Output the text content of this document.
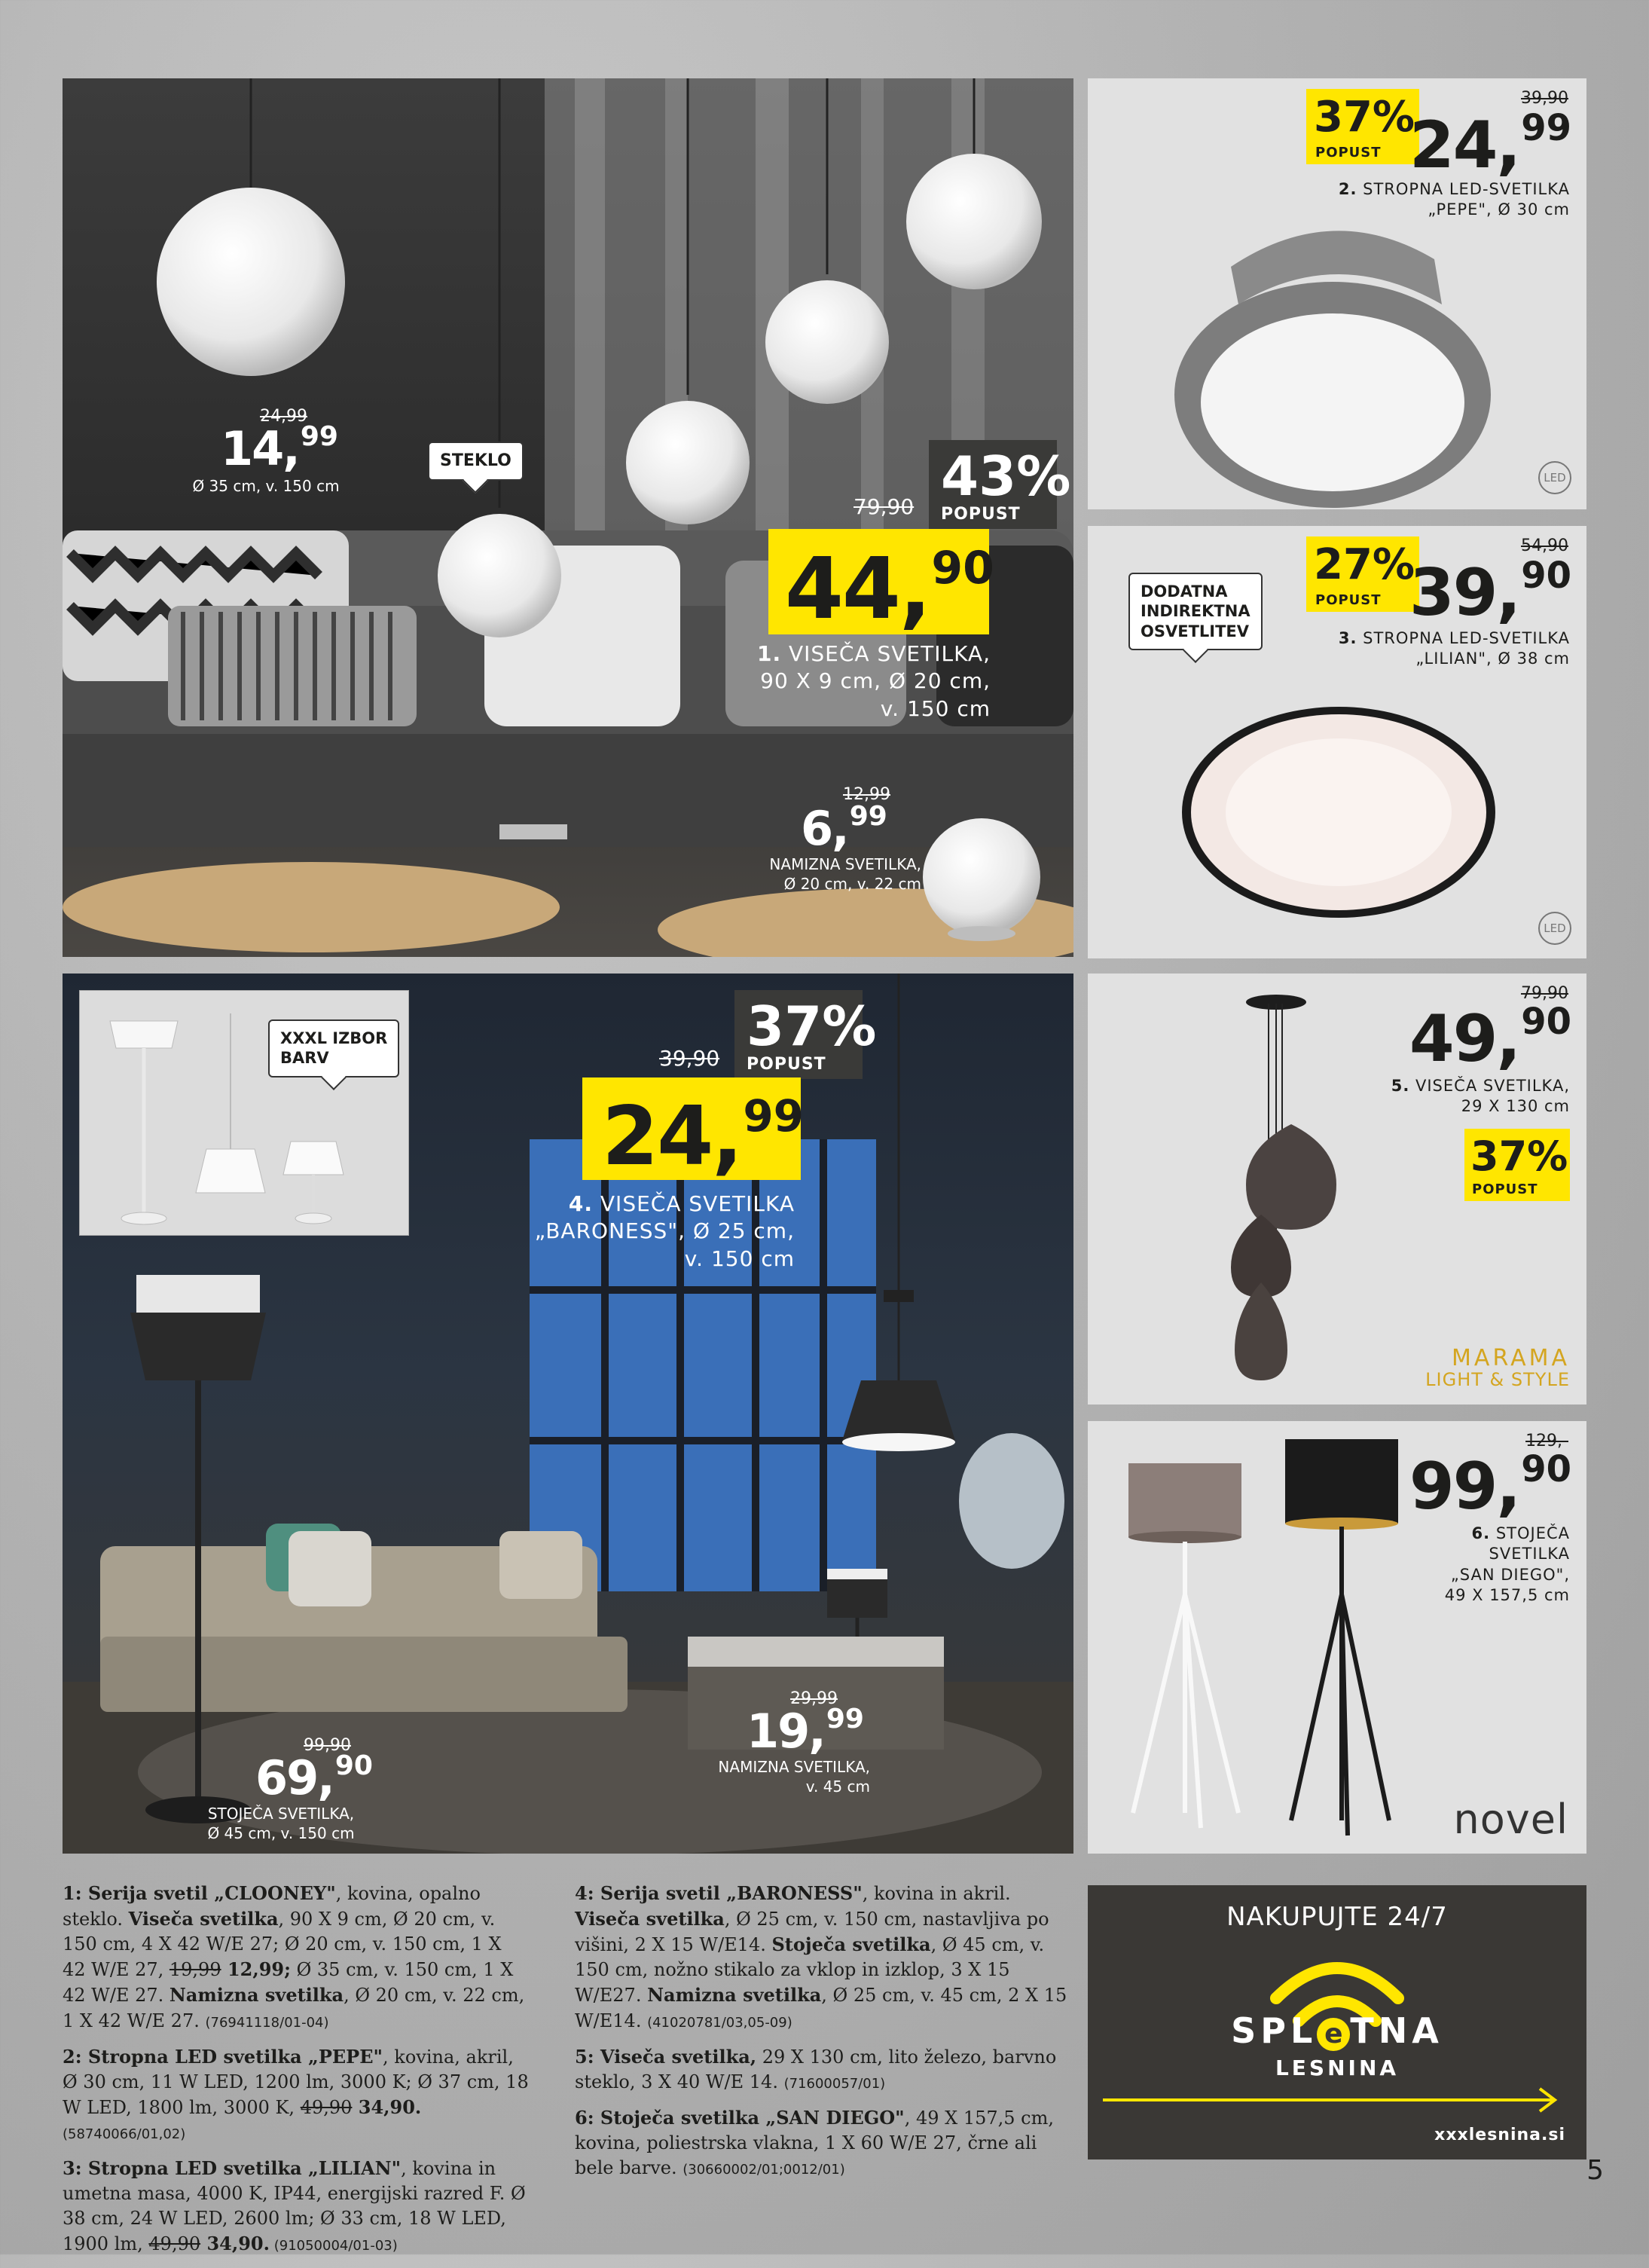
24,99
14,99
Ø 35 cm, v. 150 cm
STEKLO	43%
POPUST
79,90
44,90
1. VISEČA SVETILKA,
90 X 9 cm, Ø 20 cm,
v. 150 cm
12,99
6,99
NAMIZNA SVETILKA,
Ø 20 cm, v. 22 cm
37%
POPUST
39,90
24,99
2. STROPNA LED-SVETILKA
„PEPE", Ø 30 cm
LED
DODATNA
INDIREKTNA
OSVETLITEV
27%
POPUST
54,90
39,90
3. STROPNA LED-SVETILKA
„LILIAN", Ø 38 cm
LED
XXXL IZBOR
BARV
37%
POPUST
39,90
24,99
4. VISEČA SVETILKA
„BARONESS", Ø 25 cm,
v. 150 cm
99,90
69,90
STOJEČA SVETILKA,
Ø 45 cm, v. 150 cm
29,99
19,99
NAMIZNA SVETILKA,
v. 45 cm
79,90
49,90
5. VISEČA SVETILKA,
29 X 130 cm
37%
POPUST
MARAMA
LIGHT & STYLE
129,-
99,90
6. STOJEČA
SVETILKA
„SAN DIEGO",
49 X 157,5 cm
novel

1: Serija svetil „CLOONEY", kovina, opalno steklo. Viseča svetilka, 90 X 9 cm, Ø 20 cm, v. 150 cm, 4 X 42 W/E 27; Ø 20 cm, v. 150 cm, 1 X 42 W/E 27, 19,99 12,99; Ø 35 cm, v. 150 cm, 1 X 42 W/E 27. Namizna svetilka, Ø 20 cm, v. 22 cm, 1 X 42 W/E 27. (76941118/01-04)

2: Stropna LED svetilka „PEPE", kovina, akril, Ø 30 cm, 11 W LED, 1200 lm, 3000 K; Ø 37 cm, 18 W LED, 1800 lm, 3000 K, 49,90 34,90. (58740066/01,02)

3: Stropna LED svetilka „LILIAN", kovina in umetna masa, 4000 K, IP44, energijski razred F. Ø 38 cm, 24 W LED, 2600 lm; Ø 33 cm, 18 W LED, 1900 lm, 49,90 34,90. (91050004/01-03)

4: Serija svetil „BARONESS", kovina in akril. Viseča svetilka, Ø 25 cm, v. 150 cm, nastavljiva po višini, 2 X 15 W/E14. Stoječa svetilka, Ø 45 cm, v. 150 cm, nožno stikalo za vklop in izklop, 3 X 15 W/E27. Namizna svetilka, Ø 25 cm, v. 45 cm, 2 X 15 W/E14. (41020781/03,05-09)

5: Viseča svetilka, 29 X 130 cm, lito železo, barvno steklo, 3 X 40 W/E 14. (71600057/01)

6: Stoječa svetilka „SAN DIEGO", 49 X 157,5 cm, kovina, poliestrska vlakna, 1 X 60 W/E 27, črne ali bele barve. (30660002/01;0012/01)

NAKUPUJTE 24/7
SPL e TNA
LESNINA
xxxlesnina.si
5
